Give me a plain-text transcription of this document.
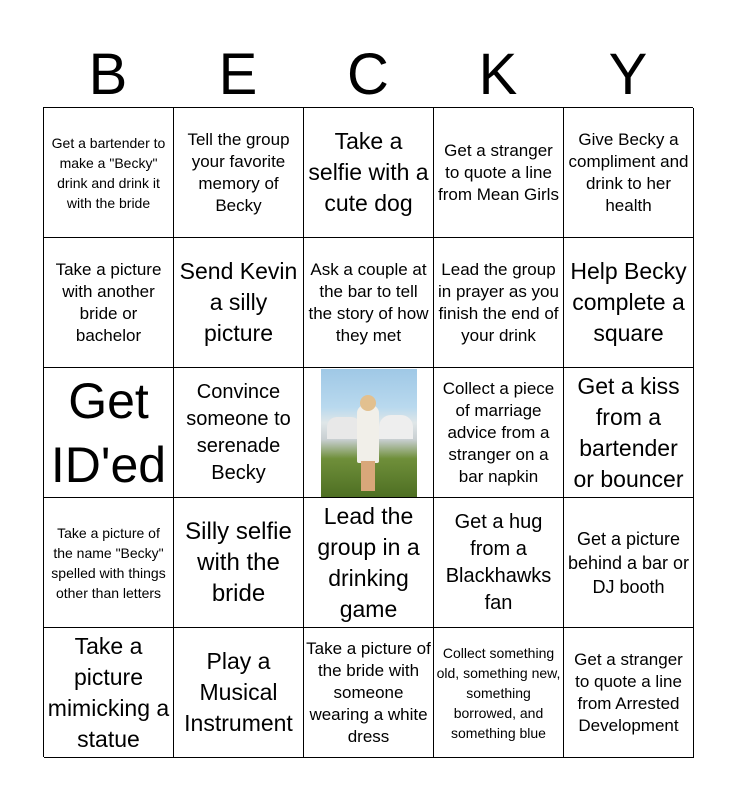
B	E	C	K	Y
Get a bartender to make a "Becky" drink and drink it with the bride
Tell the group your favorite memory of Becky
Take a selfie with a cute dog
Get a stranger to quote a line from Mean Girls
Give Becky a compliment and drink to her health
Take a picture with another bride or bachelor
Send Kevin a silly picture
Ask a couple at the bar to tell the story of how they met
Lead the group in prayer as you finish the end of your drink
Help Becky complete a square
Get ID'ed
Convince someone to serenade Becky
Collect a piece of marriage advice from a stranger on a bar napkin
Get a kiss from a bartender or bouncer
Take a picture of the name "Becky" spelled with things other than letters
Silly selfie with the bride
Lead the group in a drinking game
Get a hug from a Blackhawks fan
Get a picture behind a bar or DJ booth
Take a picture mimicking a statue
Play a Musical Instrument
Take a picture of the bride with someone wearing a white dress
Collect something old, something new, something borrowed, and something blue
Get a stranger to quote a line from Arrested Development
